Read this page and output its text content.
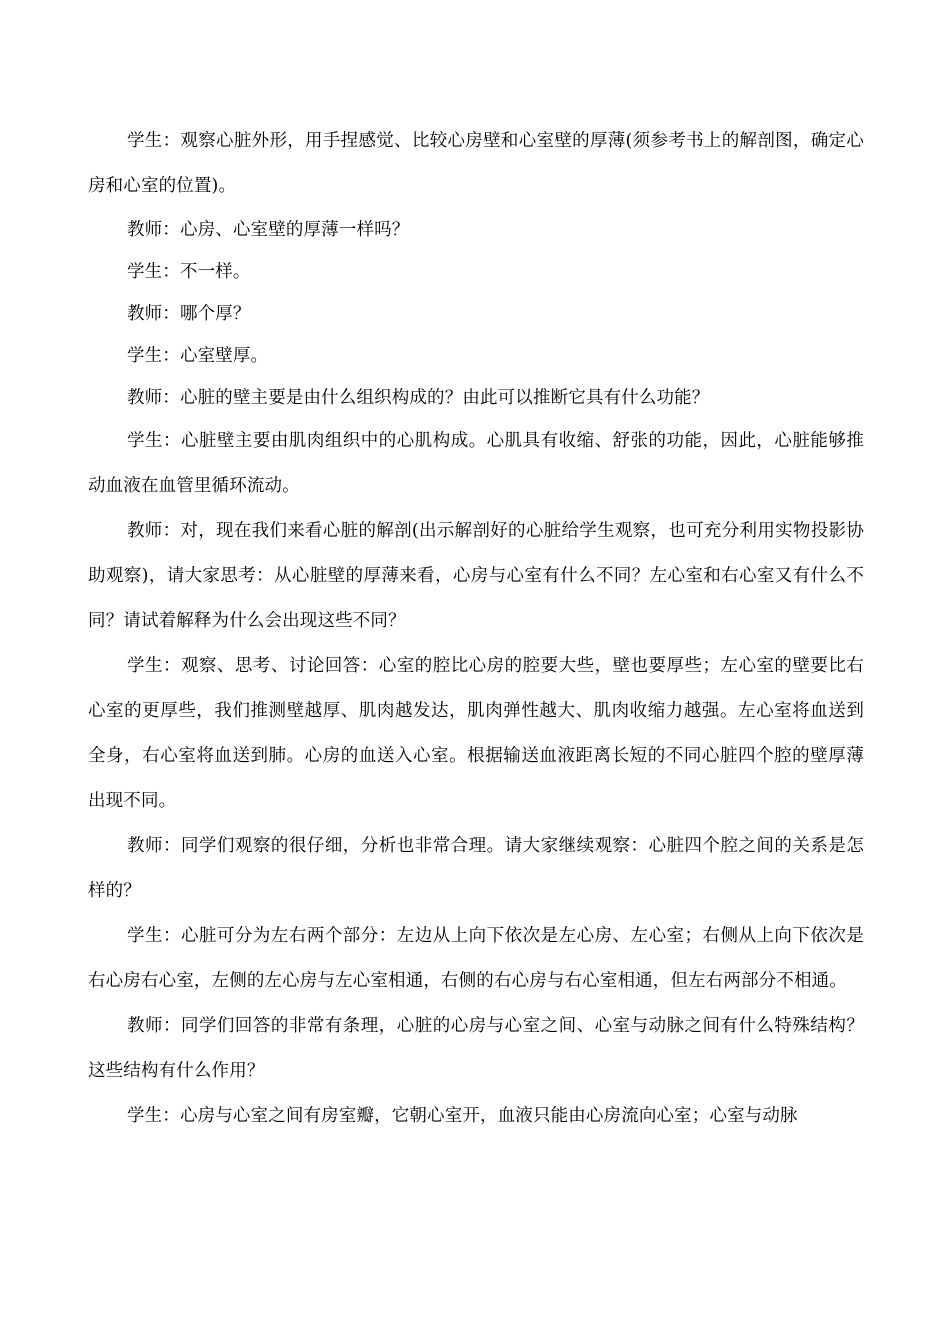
学生：观察心脏外形，用手捏感觉、比较心房壁和心室壁的厚薄(须参考书上的解剖图，确定心房和心室的位置)。

教师：心房、心室壁的厚薄一样吗？

学生：不一样。

教师：哪个厚？

学生：心室壁厚。

教师：心脏的壁主要是由什么组织构成的？由此可以推断它具有什么功能？

学生：心脏壁主要由肌肉组织中的心肌构成。心肌具有收缩、舒张的功能，因此，心脏能够推动血液在血管里循环流动。

教师：对，现在我们来看心脏的解剖(出示解剖好的心脏给学生观察，也可充分利用实物投影协助观察)，请大家思考：从心脏壁的厚薄来看，心房与心室有什么不同？左心室和右心室又有什么不同？请试着解释为什么会出现这些不同？

学生：观察、思考、讨论回答：心室的腔比心房的腔要大些，壁也要厚些；左心室的壁要比右心室的更厚些，我们推测壁越厚、肌肉越发达，肌肉弹性越大、肌肉收缩力越强。左心室将血送到全身，右心室将血送到肺。心房的血送入心室。根据输送血液距离长短的不同心脏四个腔的壁厚薄出现不同。

教师：同学们观察的很仔细，分析也非常合理。请大家继续观察：心脏四个腔之间的关系是怎样的？

学生：心脏可分为左右两个部分：左边从上向下依次是左心房、左心室；右侧从上向下依次是右心房右心室，左侧的左心房与左心室相通，右侧的右心房与右心室相通，但左右两部分不相通。

教师：同学们回答的非常有条理，心脏的心房与心室之间、心室与动脉之间有什么特殊结构？这些结构有什么作用？

学生：心房与心室之间有房室瓣，它朝心室开，血液只能由心房流向心室；心室与动脉
